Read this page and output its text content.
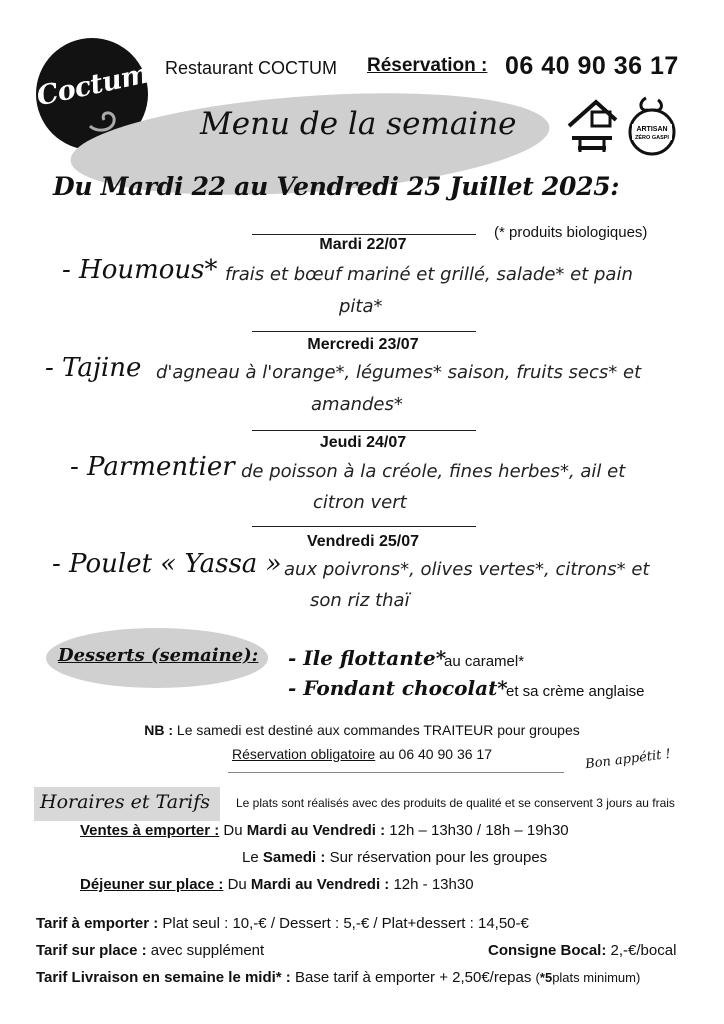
Coctum Restaurant COCTUM Réservation : 06 40 90 36 17
Menu de la semaine	ARTISAN
ZÉRO GASPI
Du Mardi 22 au Vendredi 25 Juillet 2025:
(* produits biologiques)
Mardi 22/07
- Houmous* frais et bœuf mariné et grillé, salade* et pain
pita*
Mercredi 23/07
- Tajine d'agneau à l'orange*, légumes* saison, fruits secs* et
amandes*
Jeudi 24/07
- Parmentier de poisson à la créole, fines herbes*, ail et
citron vert
Vendredi 25/07
- Poulet « Yassa » aux poivrons*, olives vertes*, citrons* et
son riz thaï
Desserts (semaine): - Ile flottante*
au caramel*
- Fondant chocolat*
et sa crème anglaise
NB : Le samedi est destiné aux commandes TRAITEUR pour groupes
Réservation obligatoire au 06 40 90 36 17	Bon appétit !
Horaires et Tarifs Le plats sont réalisés avec des produits de qualité et se conservent 3 jours au frais
Ventes à emporter : Du Mardi au Vendredi : 12h – 13h30 / 18h – 19h30
Le Samedi : Sur réservation pour les groupes
Déjeuner sur place : Du Mardi au Vendredi : 12h - 13h30
Tarif à emporter : Plat seul : 10,-€ / Dessert : 5,-€ / Plat+dessert : 14,50-€
Tarif sur place : avec supplément	Consigne Bocal: 2,-€/bocal
Tarif Livraison en semaine le midi* : Base tarif à emporter + 2,50€/repas (*5plats minimum)
